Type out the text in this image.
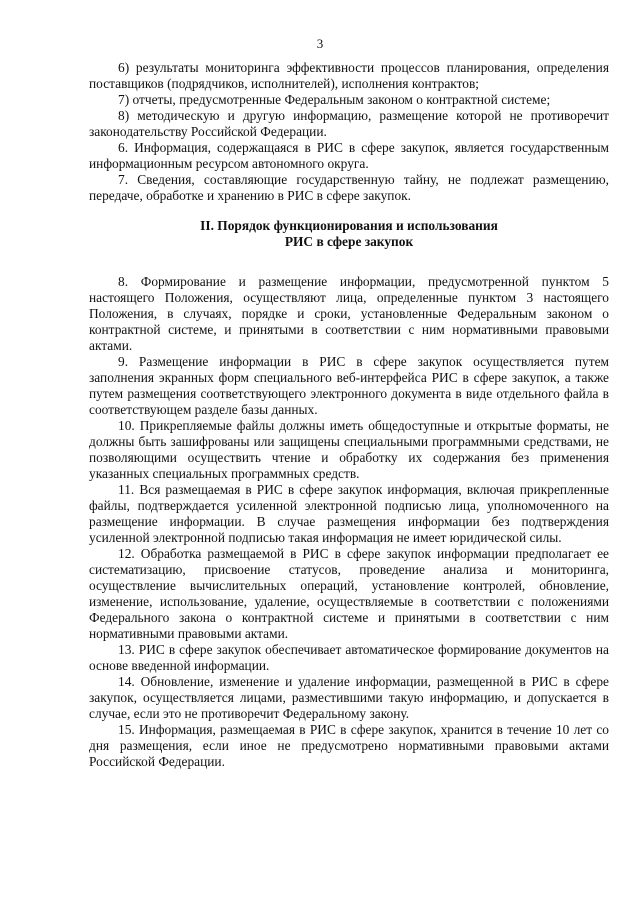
3

6) результаты мониторинга эффективности процессов планирования, определения поставщиков (подрядчиков, исполнителей), исполнения контрактов;

7) отчеты, предусмотренные Федеральным законом о контрактной системе;

8) методическую и другую информацию, размещение которой не противоречит законодательству Российской Федерации.

6. Информация, содержащаяся в РИС в сфере закупок, является государственным информационным ресурсом автономного округа.

7. Сведения, составляющие государственную тайну, не подлежат размещению, передаче, обработке и хранению в РИС в сфере закупок.

II. Порядок функционирования и использования
РИС в сфере закупок

8. Формирование и размещение информации, предусмотренной пунктом 5 настоящего Положения, осуществляют лица, определенные пунктом 3 настоящего Положения, в случаях, порядке и сроки, установленные Федеральным законом о контрактной системе, и принятыми в соответствии с ним нормативными правовыми актами.

9. Размещение информации в РИС в сфере закупок осуществляется путем заполнения экранных форм специального веб-интерфейса РИС в сфере закупок, а также путем размещения соответствующего электронного документа в виде отдельного файла в соответствующем разделе базы данных.

10. Прикрепляемые файлы должны иметь общедоступные и открытые форматы, не должны быть зашифрованы или защищены специальными программными средствами, не позволяющими осуществить чтение и обработку их содержания без применения указанных специальных программных средств.

11. Вся размещаемая в РИС в сфере закупок информация, включая прикрепленные файлы, подтверждается усиленной электронной подписью лица, уполномоченного на размещение информации. В случае размещения информации без подтверждения усиленной электронной подписью такая информация не имеет юридической силы.

12. Обработка размещаемой в РИС в сфере закупок информации предполагает ее систематизацию, присвоение статусов, проведение анализа и мониторинга, осуществление вычислительных операций, установление контролей, обновление, изменение, использование, удаление, осуществляемые в соответствии с положениями Федерального закона о контрактной системе и принятыми в соответствии с ним нормативными правовыми актами.

13. РИС в сфере закупок обеспечивает автоматическое формирование документов на основе введенной информации.

14. Обновление, изменение и удаление информации, размещенной в РИС в сфере закупок, осуществляется лицами, разместившими такую информацию, и допускается в случае, если это не противоречит Федеральному закону.

15. Информация, размещаемая в РИС в сфере закупок, хранится в течение 10 лет со дня размещения, если иное не предусмотрено нормативными правовыми актами Российской Федерации.
